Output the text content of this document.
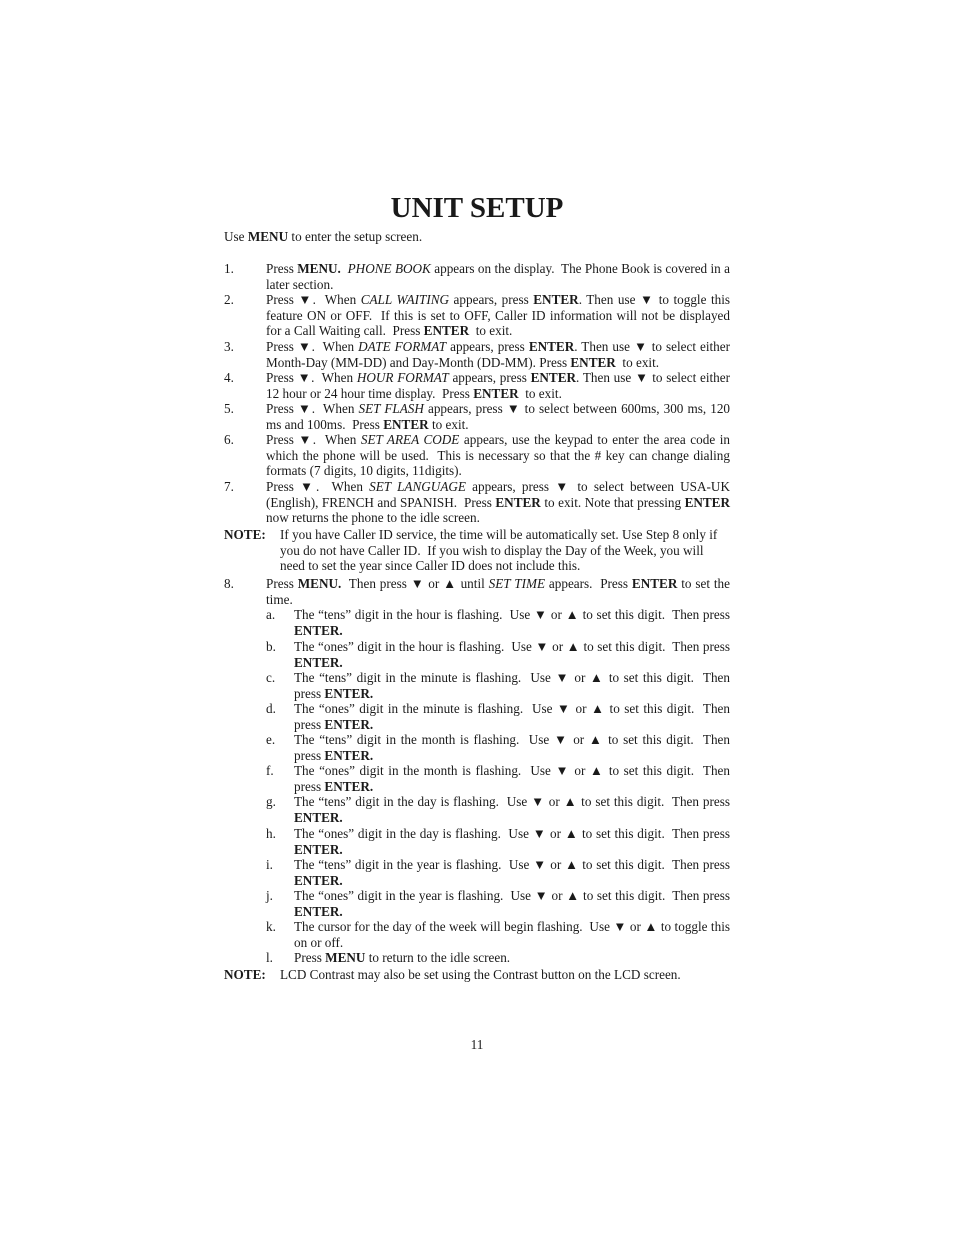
UNIT SETUP
Use MENU to enter the setup screen.
1.	Press MENU. PHONE BOOK appears on the display.  The Phone Book is covered in a later section.
2.	Press ▼.  When CALL WAITING appears, press ENTER. Then use ▼ to toggle this feature ON or OFF.  If this is set to OFF, Caller ID information will not be displayed for a Call Waiting call.  Press ENTER  to exit.
3.	Press ▼.  When DATE FORMAT appears, press ENTER. Then use ▼ to select either Month-Day (MM-DD) and Day-Month (DD-MM). Press ENTER  to exit.
4.	Press ▼.  When HOUR FORMAT appears, press ENTER. Then use ▼ to select either 12 hour or 24 hour time display.  Press ENTER  to exit.
5.	Press ▼.  When SET FLASH appears, press ▼ to select between 600ms, 300 ms, 120 ms and 100ms.  Press ENTER to exit.
6.	Press ▼.  When SET AREA CODE appears, use the keypad to enter the area code in which the phone will be used.  This is necessary so that the # key can change dialing formats (7 digits, 10 digits, 11digits).
7.	Press ▼.  When SET LANGUAGE appears, press ▼ to select between USA-UK (English), FRENCH and SPANISH.  Press ENTER to exit. Note that pressing ENTER now returns the phone to the idle screen.
NOTE:	If you have Caller ID service, the time will be automatically set. Use Step 8 only if you do not have Caller ID.  If you wish to display the Day of the Week, you will need to set the year since Caller ID does not include this.
8.	Press MENU.  Then press ▼ or ▲ until SET TIME appears.  Press ENTER to set the time.
a.	The “tens” digit in the hour is flashing.  Use ▼ or ▲ to set this digit.  Then press ENTER.
b.	The “ones” digit in the hour is flashing.  Use ▼ or ▲ to set this digit.  Then press ENTER.
c.	The “tens” digit in the minute is flashing.  Use ▼ or ▲ to set this digit.  Then press ENTER.
d.	The “ones” digit in the minute is flashing.  Use ▼ or ▲ to set this digit.  Then press ENTER.
e.	The “tens” digit in the month is flashing.  Use ▼ or ▲ to set this digit.  Then press ENTER.
f.	The “ones” digit in the month is flashing.  Use ▼ or ▲ to set this digit.  Then press ENTER.
g.	The “tens” digit in the day is flashing.  Use ▼ or ▲ to set this digit.  Then press ENTER.
h.	The “ones” digit in the day is flashing.  Use ▼ or ▲ to set this digit.  Then press ENTER.
i.	The “tens” digit in the year is flashing.  Use ▼ or ▲ to set this digit.  Then press ENTER.
j.	The “ones” digit in the year is flashing.  Use ▼ or ▲ to set this digit.  Then press ENTER.
k.	The cursor for the day of the week will begin flashing.  Use ▼ or ▲ to toggle this on or off.
l.	Press MENU to return to the idle screen.
NOTE:	LCD Contrast may also be set using the Contrast button on the LCD screen.
11
